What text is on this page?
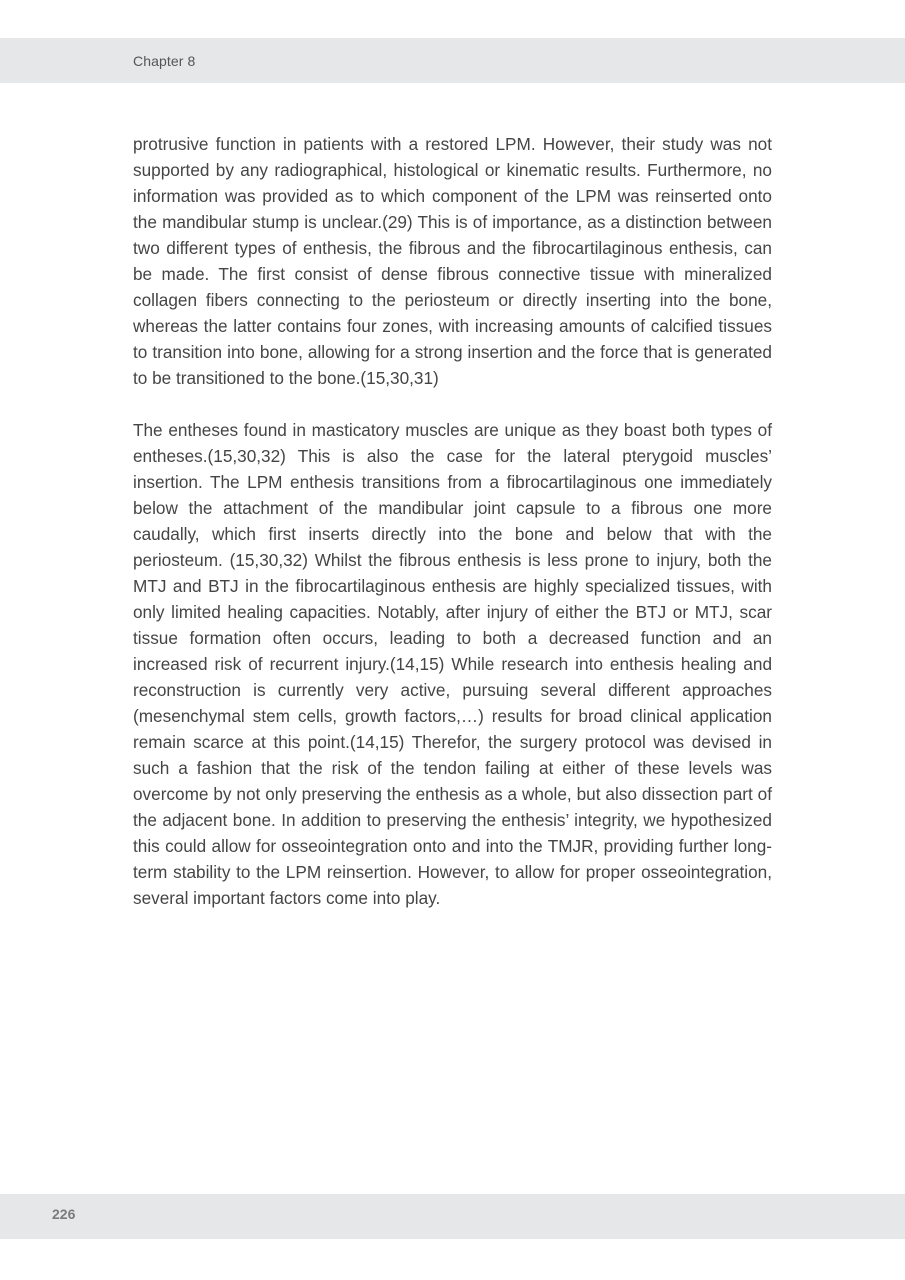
Chapter 8

protrusive function in patients with a restored LPM. However, their study was not supported by any radiographical, histological or kinematic results. Furthermore, no information was provided as to which component of the LPM was reinserted onto the mandibular stump is unclear.(29) This is of importance, as a distinction between two different types of enthesis, the fibrous and the fibrocartilaginous enthesis, can be made. The first consist of dense fibrous connective tissue with mineralized collagen fibers connecting to the periosteum or directly inserting into the bone, whereas the latter contains four zones, with increasing amounts of calcified tissues to transition into bone, allowing for a strong insertion and the force that is generated to be transitioned to the bone.(15,30,31)

The entheses found in masticatory muscles are unique as they boast both types of entheses.(15,30,32) This is also the case for the lateral pterygoid muscles’ insertion. The LPM enthesis transitions from a fibrocartilaginous one immediately below the attachment of the mandibular joint capsule to a fibrous one more caudally, which first inserts directly into the bone and below that with the periosteum. (15,30,32) Whilst the fibrous enthesis is less prone to injury, both the MTJ and BTJ in the fibrocartilaginous enthesis are highly specialized tissues, with only limited healing capacities. Notably, after injury of either the BTJ or MTJ, scar tissue formation often occurs, leading to both a decreased function and an increased risk of recurrent injury.(14,15) While research into enthesis healing and reconstruction is currently very active, pursuing several different approaches (mesenchymal stem cells, growth factors,…) results for broad clinical application remain scarce at this point.(14,15) Therefor, the surgery protocol was devised in such a fashion that the risk of the tendon failing at either of these levels was overcome by not only preserving the enthesis as a whole, but also dissection part of the adjacent bone. In addition to preserving the enthesis’ integrity, we hypothesized this could allow for osseointegration onto and into the TMJR, providing further long-term stability to the LPM reinsertion. However, to allow for proper osseointegration, several important factors come into play.

226
